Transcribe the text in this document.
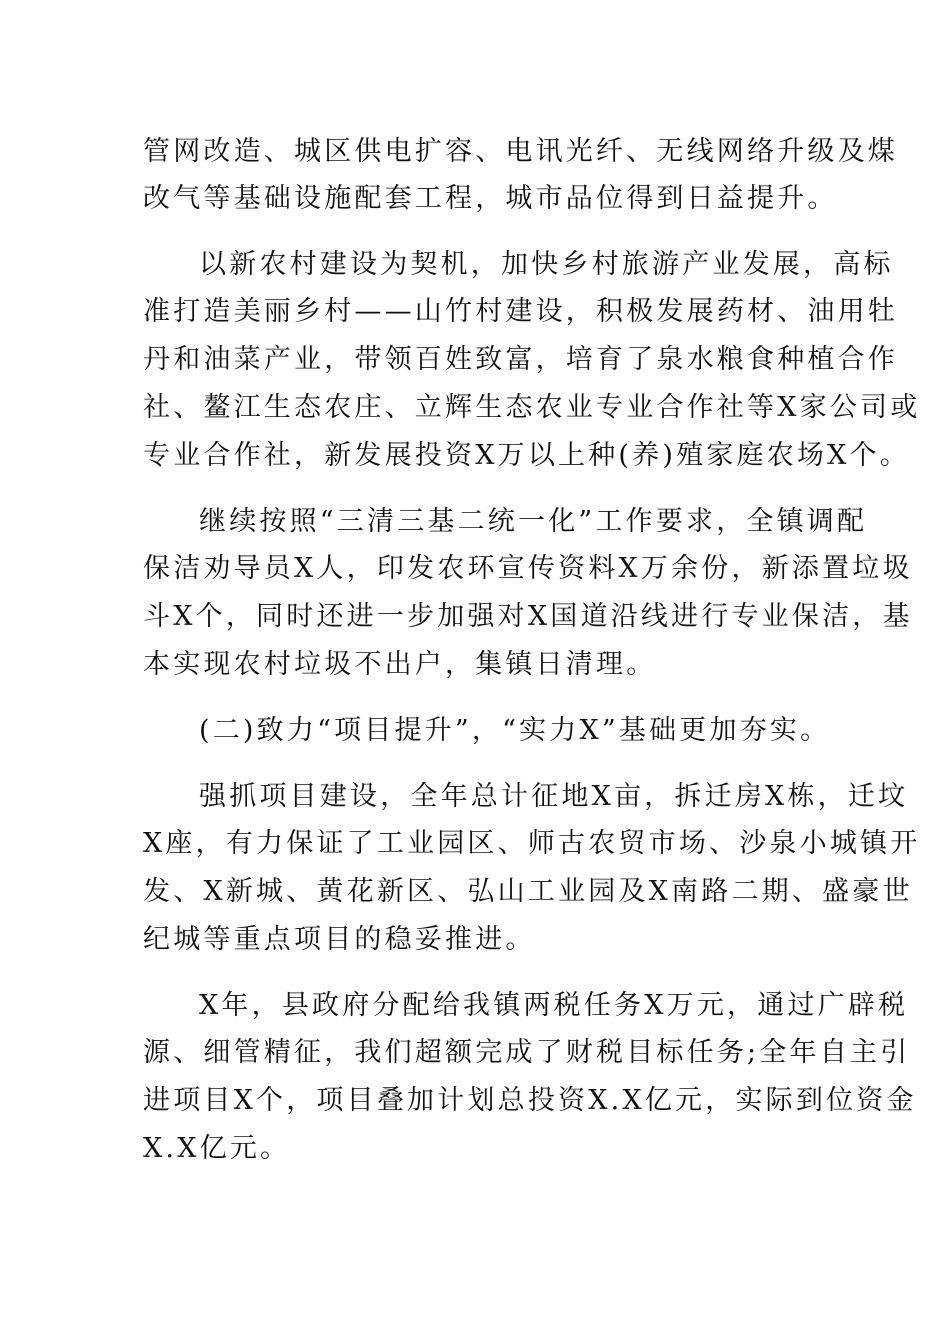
管网改造、城区供电扩容、电讯光纤、无线网络升级及煤
改气等基础设施配套工程，城市品位得到日益提升。
以新农村建设为契机，加快乡村旅游产业发展，高标
准打造美丽乡村——山竹村建设，积极发展药材、油用牡
丹和油菜产业，带领百姓致富，培育了泉水粮食种植合作
社、鳌江生态农庄、立辉生态农业专业合作社等X家公司或
专业合作社，新发展投资X万以上种(养)殖家庭农场X个。
继续按照“三清三基二统一化”工作要求，全镇调配
保洁劝导员X人，印发农环宣传资料X万余份，新添置垃圾
斗X个，同时还进一步加强对X国道沿线进行专业保洁，基
本实现农村垃圾不出户，集镇日清理。
(二)致力“项目提升”，“实力X”基础更加夯实。
强抓项目建设，全年总计征地X亩，拆迁房X栋，迁坟
X座，有力保证了工业园区、师古农贸市场、沙泉小城镇开
发、X新城、黄花新区、弘山工业园及X南路二期、盛豪世
纪城等重点项目的稳妥推进。
X年，县政府分配给我镇两税任务X万元，通过广辟税
源、细管精征，我们超额完成了财税目标任务;全年自主引
进项目X个，项目叠加计划总投资X.X亿元，实际到位资金
X.X亿元。
